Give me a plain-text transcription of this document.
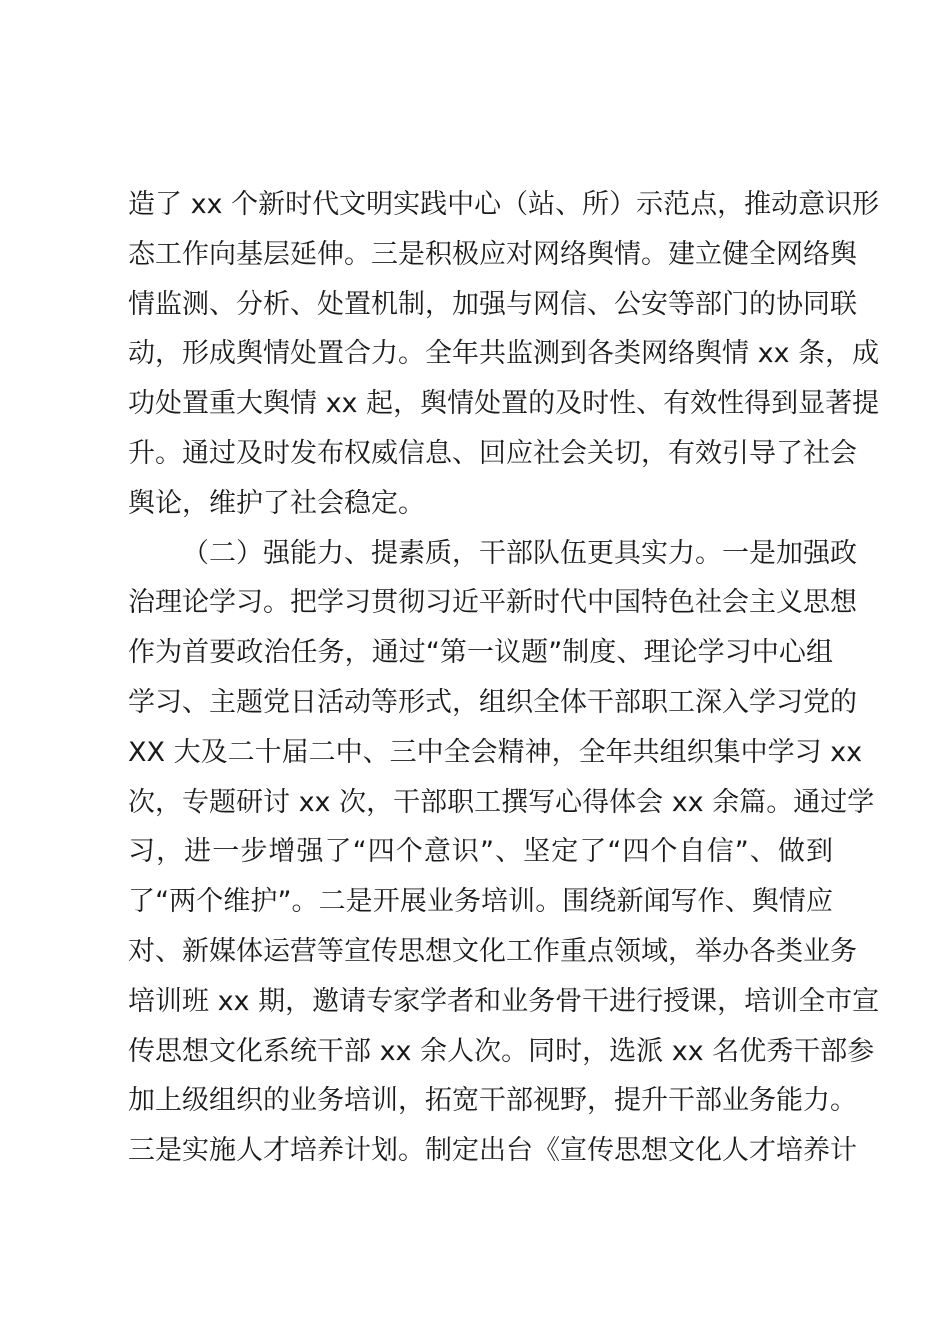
造了 xx 个新时代文明实践中心（站、所）示范点，推动意识形
态工作向基层延伸。三是积极应对网络舆情。建立健全网络舆
情监测、分析、处置机制，加强与网信、公安等部门的协同联
动，形成舆情处置合力。全年共监测到各类网络舆情 xx 条，成
功处置重大舆情 xx 起，舆情处置的及时性、有效性得到显著提
升。通过及时发布权威信息、回应社会关切，有效引导了社会
舆论，维护了社会稳定。
（二）强能力、提素质，干部队伍更具实力。一是加强政
治理论学习。把学习贯彻习近平新时代中国特色社会主义思想
作为首要政治任务，通过“第一议题”制度、理论学习中心组
学习、主题党日活动等形式，组织全体干部职工深入学习党的
XX 大及二十届二中、三中全会精神，全年共组织集中学习 xx
次，专题研讨 xx 次，干部职工撰写心得体会 xx 余篇。通过学
习，进一步增强了“四个意识”、坚定了“四个自信”、做到
了“两个维护”。二是开展业务培训。围绕新闻写作、舆情应
对、新媒体运营等宣传思想文化工作重点领域，举办各类业务
培训班 xx 期，邀请专家学者和业务骨干进行授课，培训全市宣
传思想文化系统干部 xx 余人次。同时，选派 xx 名优秀干部参
加上级组织的业务培训，拓宽干部视野，提升干部业务能力。
三是实施人才培养计划。制定出台《宣传思想文化人才培养计
